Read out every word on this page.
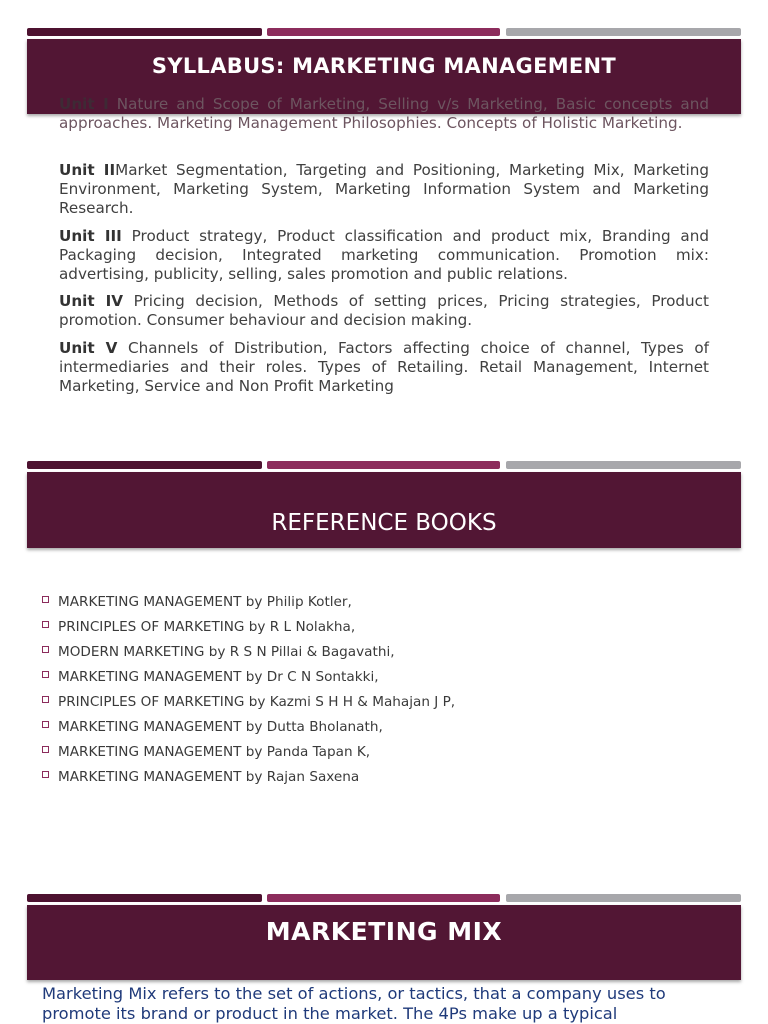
SYLLABUS: MARKETING MANAGEMENT
Unit I Nature and Scope of Marketing, Selling v/s Marketing, Basic concepts and approaches. Marketing Management Philosophies. Concepts of Holistic Marketing.
Unit IIMarket Segmentation, Targeting and Positioning, Marketing Mix, Marketing Environment, Marketing System, Marketing Information System and Marketing Research.
Unit III Product strategy, Product classification and product mix, Branding and Packaging decision, Integrated marketing communication. Promotion mix: advertising, publicity, selling, sales promotion and public relations.
Unit IV Pricing decision, Methods of setting prices, Pricing strategies, Product promotion. Consumer behaviour and decision making.
Unit V Channels of Distribution, Factors affecting choice of channel, Types of intermediaries and their roles. Types of Retailing. Retail Management, Internet Marketing, Service and Non Profit Marketing
REFERENCE BOOKS
MARKETING MANAGEMENT by Philip Kotler,
PRINCIPLES OF MARKETING by R L Nolakha,
MODERN MARKETING by R S N Pillai & Bagavathi,
MARKETING MANAGEMENT by Dr C N Sontakki,
PRINCIPLES OF MARKETING by Kazmi S H H & Mahajan J P,
MARKETING MANAGEMENT by Dutta Bholanath,
MARKETING MANAGEMENT by Panda Tapan K,
MARKETING MANAGEMENT by Rajan Saxena
MARKETING MIX
Marketing Mix refers to the set of actions, or tactics, that a company uses to promote its brand or product in the market. The 4Ps make up a typical
